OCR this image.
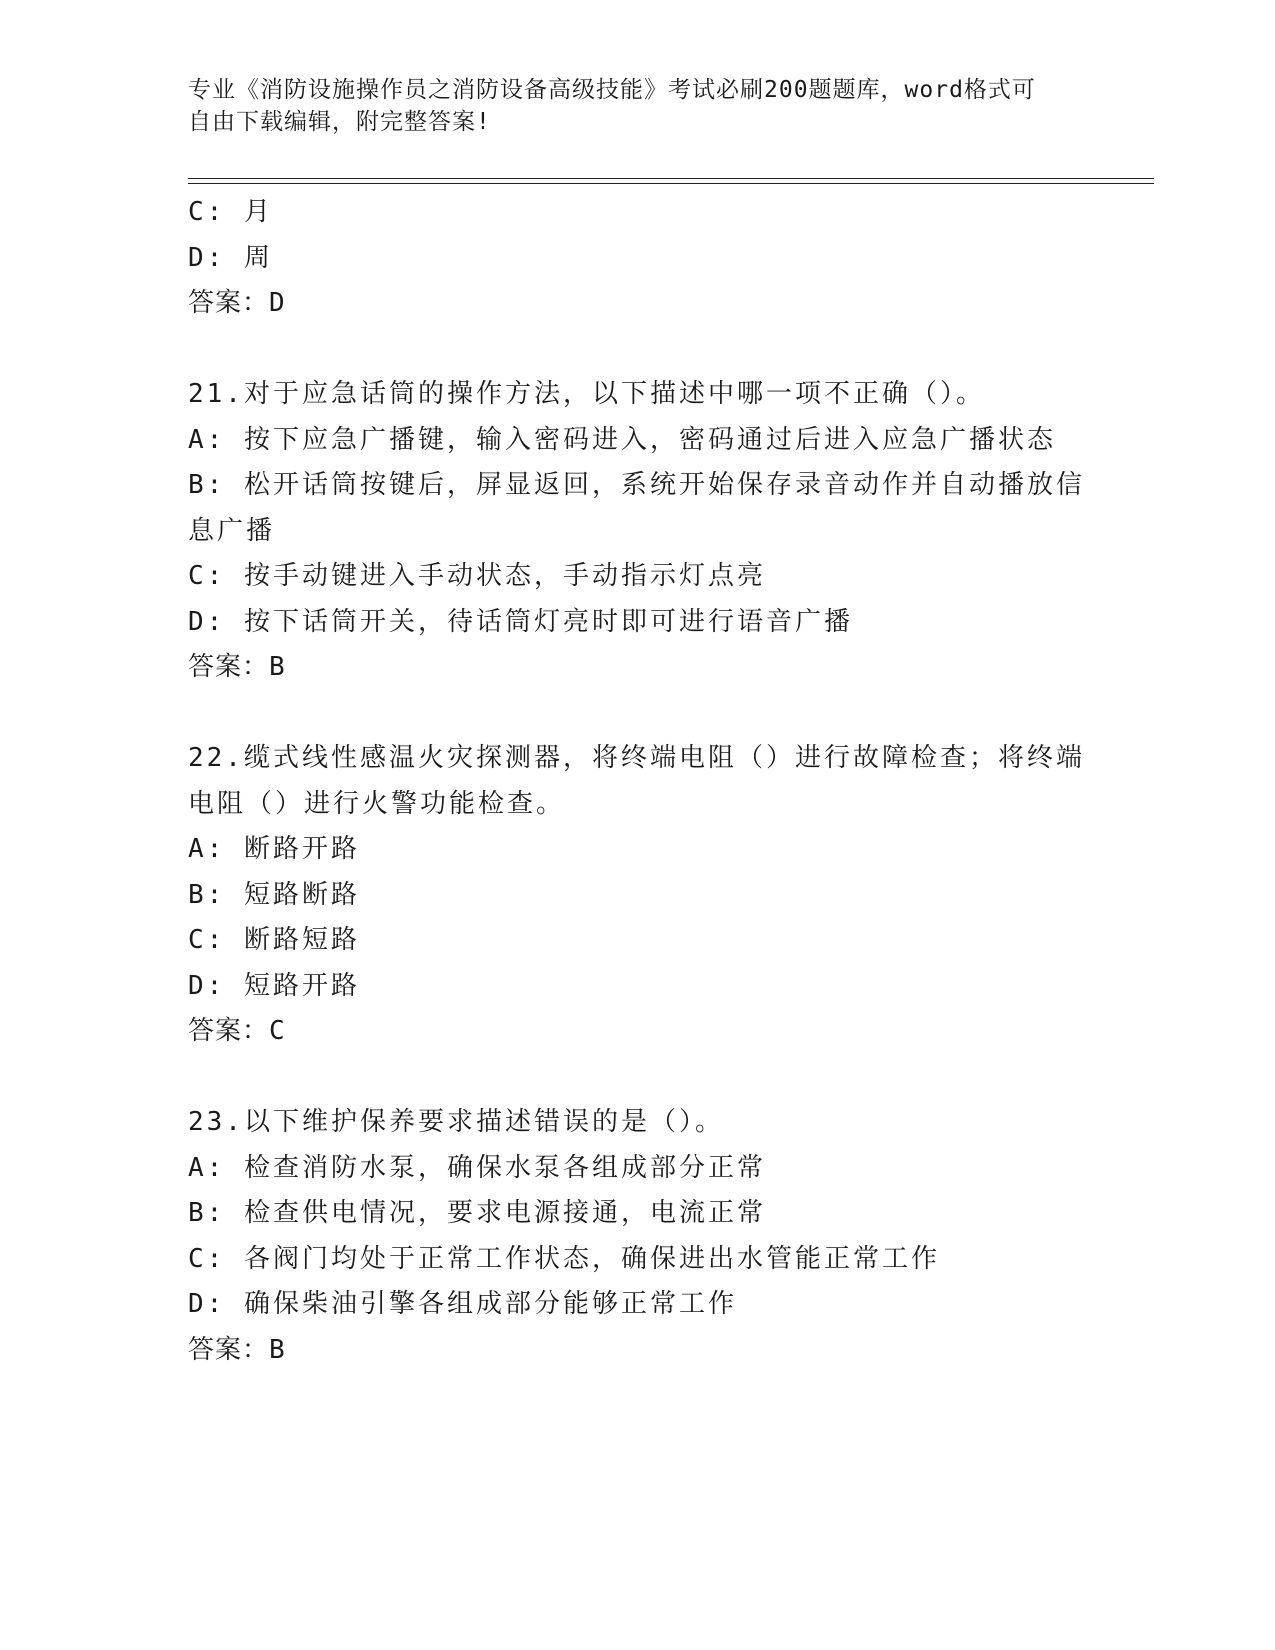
专业《消防设施操作员之消防设备高级技能》考试必刷200题题库，word格式可
自由下载编辑，附完整答案!
C: 月
D: 周
答案：D
21.对于应急话筒的操作方法，以下描述中哪一项不正确（）。
A: 按下应急广播键，输入密码进入，密码通过后进入应急广播状态
B: 松开话筒按键后，屏显返回，系统开始保存录音动作并自动播放信
息广播
C: 按手动键进入手动状态，手动指示灯点亮
D: 按下话筒开关，待话筒灯亮时即可进行语音广播
答案：B
22.缆式线性感温火灾探测器，将终端电阻（）进行故障检查；将终端
电阻（）进行火警功能检查。
A: 断路开路
B: 短路断路
C: 断路短路
D: 短路开路
答案：C
23.以下维护保养要求描述错误的是（）。
A: 检查消防水泵，确保水泵各组成部分正常
B: 检查供电情况，要求电源接通，电流正常
C: 各阀门均处于正常工作状态，确保进出水管能正常工作
D: 确保柴油引擎各组成部分能够正常工作
答案：B
